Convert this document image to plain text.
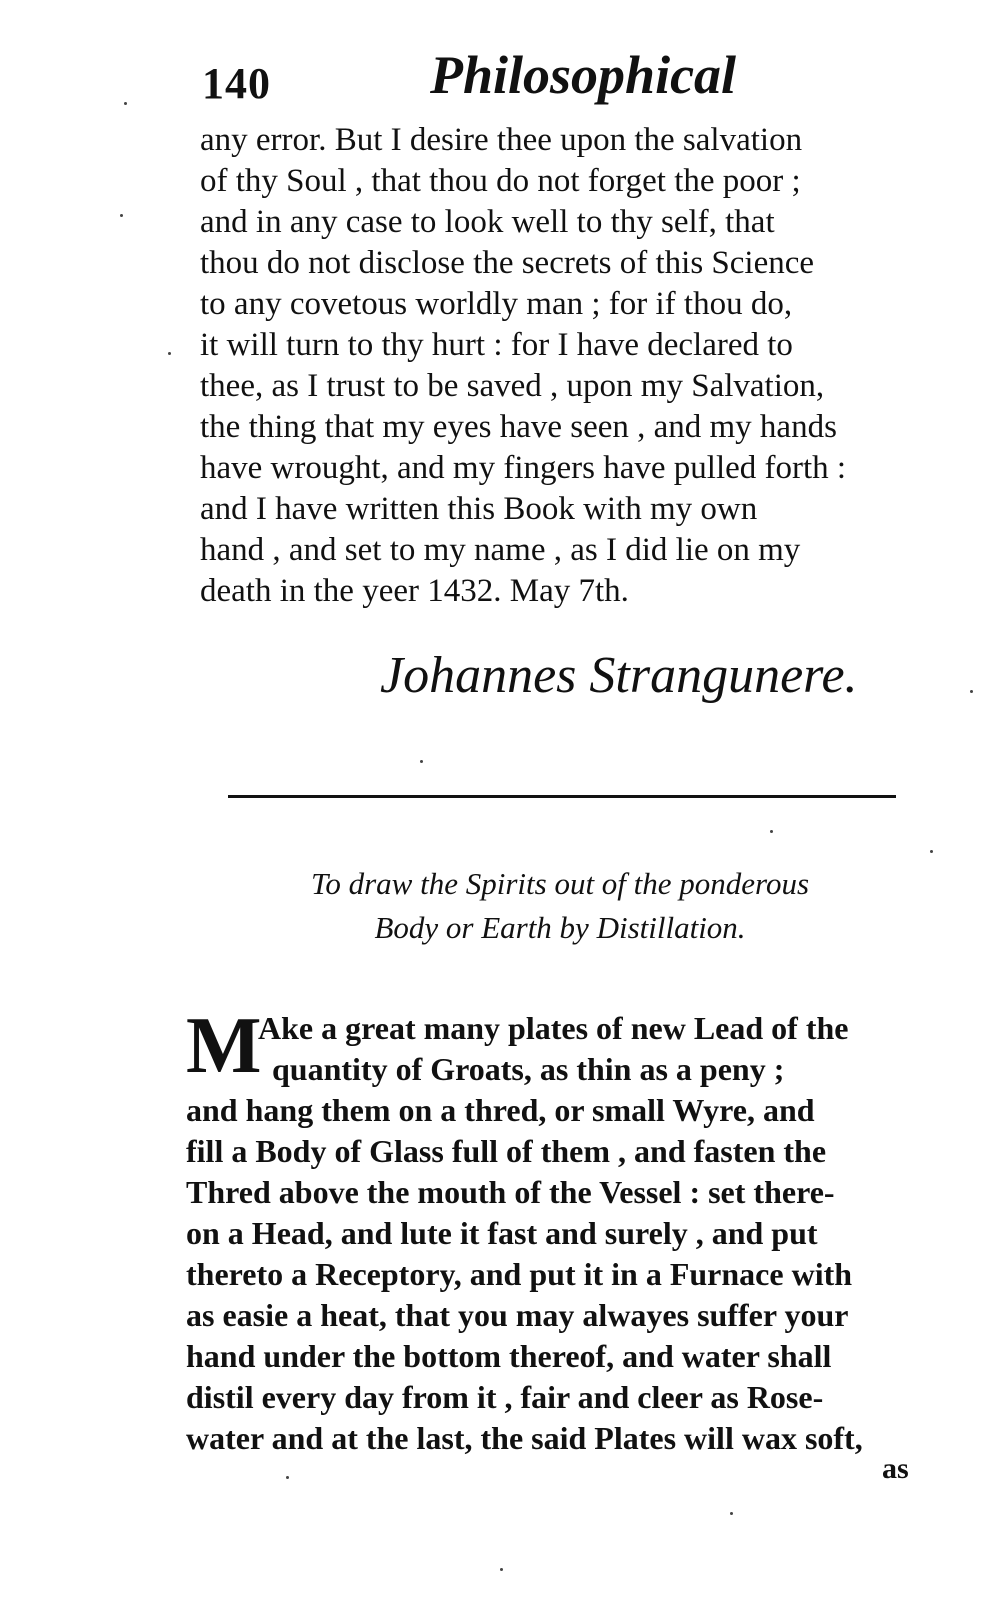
140	Philosophical
any error. But I desire thee upon the salvation
of thy Soul , that thou do not forget the poor ;
and in any case to look well to thy self, that
thou do not disclose the secrets of this Science
to any covetous worldly man ; for if thou do,
it will turn to thy hurt : for I have declared to
thee, as I trust to be saved , upon my Salvation,
the thing that my eyes have seen , and my hands
have wrought, and my fingers have pulled forth :
and I have written this Book with my own
hand , and set to my name , as I did lie on my
death in the yeer 1432. May 7th.
Johannes Strangunere.
To draw the Spirits out of the ponderous
Body or Earth by Distillation.
M
Ake a great many plates of new Lead of the
quantity of Groats, as thin as a peny ;
and hang them on a thred, or small Wyre, and
fill a Body of Glass full of them , and fasten the
Thred above the mouth of the Vessel : set there-
on a Head, and lute it fast and surely , and put
thereto a Receptory, and put it in a Furnace with
as easie a heat, that you may alwayes suffer your
hand under the bottom thereof, and water shall
distil every day from it , fair and cleer as Rose-
water and at the last, the said Plates will wax soft,
as
